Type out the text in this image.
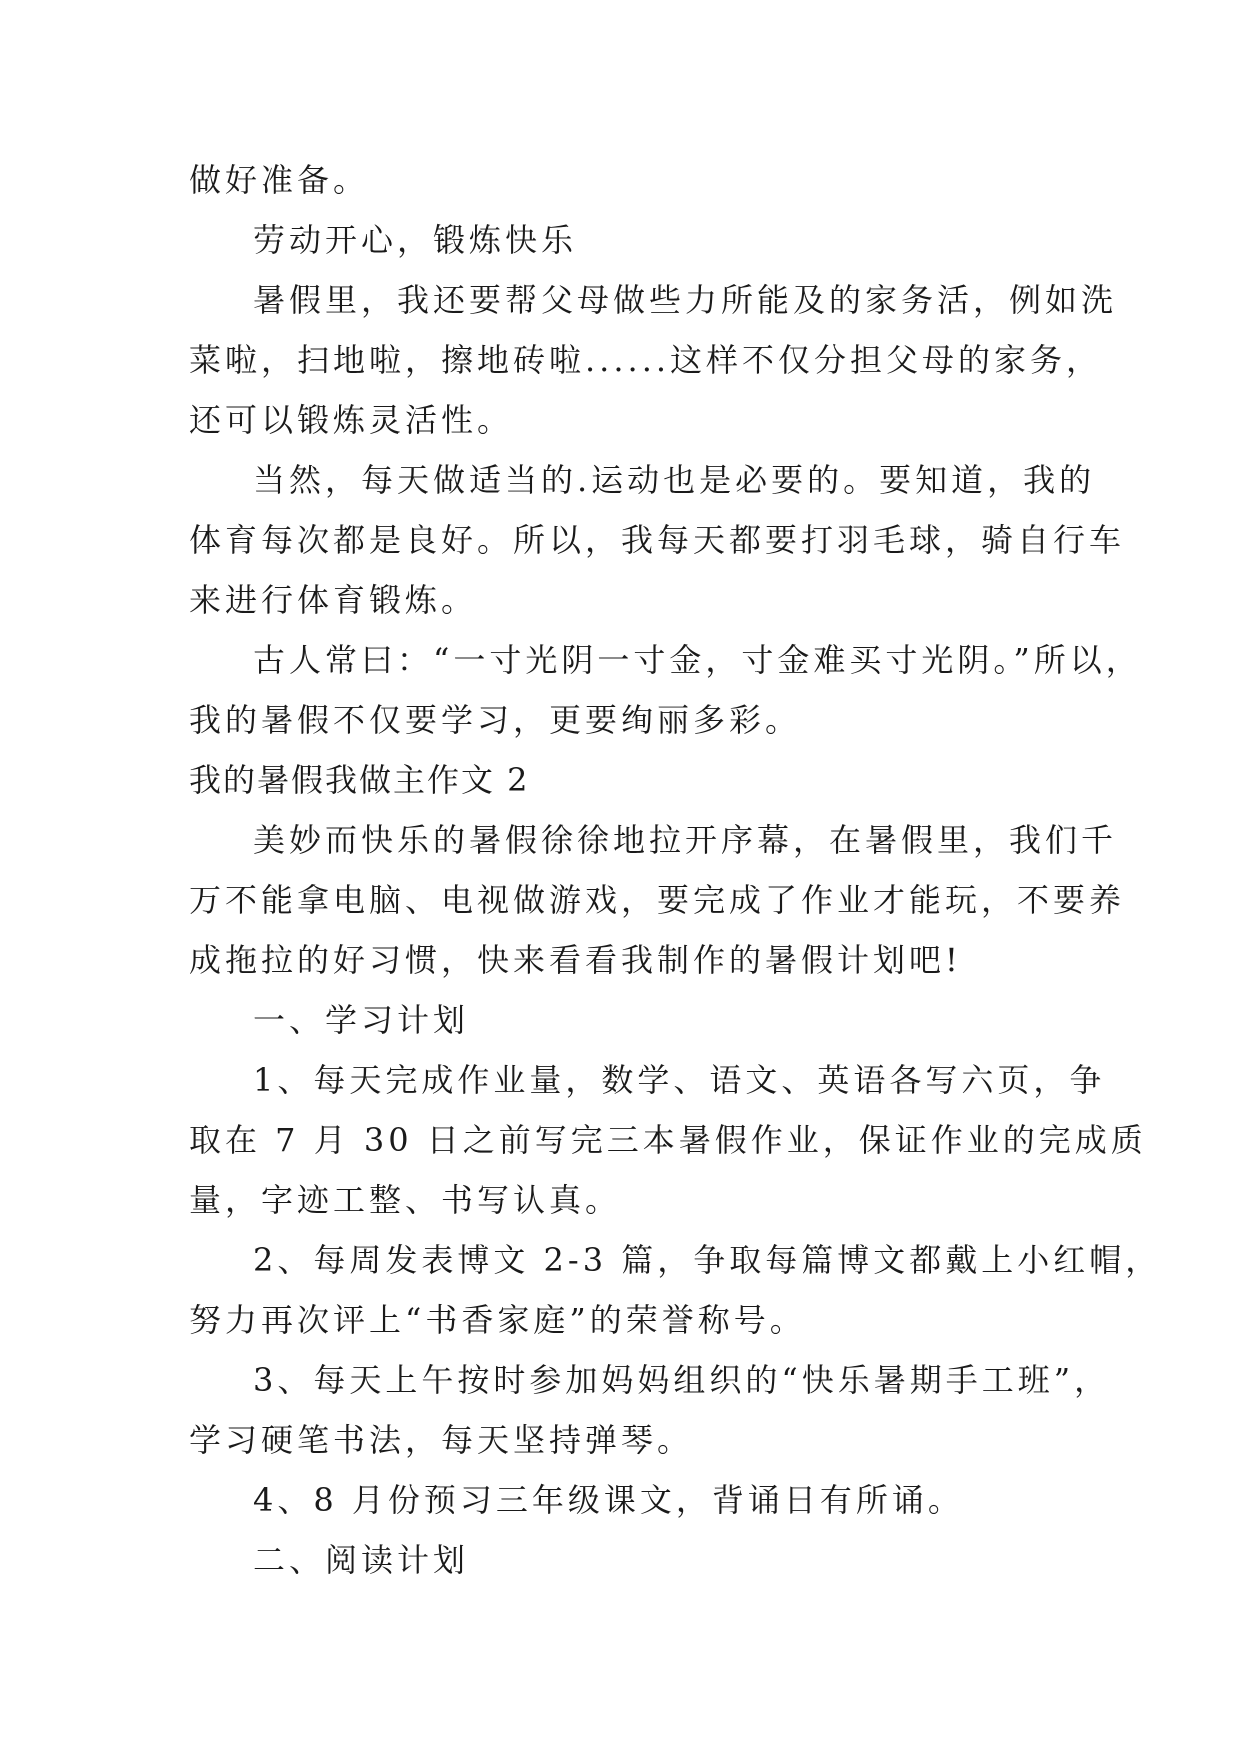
做好准备。
劳动开心，锻炼快乐
暑假里，我还要帮父母做些力所能及的家务活，例如洗
菜啦，扫地啦，擦地砖啦......这样不仅分担父母的家务，
还可以锻炼灵活性。
当然，每天做适当的.运动也是必要的。要知道，我的
体育每次都是良好。所以，我每天都要打羽毛球，骑自行车
来进行体育锻炼。
古人常曰：“一寸光阴一寸金，寸金难买寸光阴。”所以，
我的暑假不仅要学习，更要绚丽多彩。
我的暑假我做主作文 2
美妙而快乐的暑假徐徐地拉开序幕，在暑假里，我们千
万不能拿电脑、电视做游戏，要完成了作业才能玩，不要养
成拖拉的好习惯，快来看看我制作的暑假计划吧!
一、学习计划
1、每天完成作业量，数学、语文、英语各写六页，争
取在 7 月 30 日之前写完三本暑假作业，保证作业的完成质
量，字迹工整、书写认真。
2、每周发表博文 2-3 篇，争取每篇博文都戴上小红帽，
努力再次评上“书香家庭”的荣誉称号。
3、每天上午按时参加妈妈组织的“快乐暑期手工班”，
学习硬笔书法，每天坚持弹琴。
4、8 月份预习三年级课文，背诵日有所诵。
二、阅读计划
